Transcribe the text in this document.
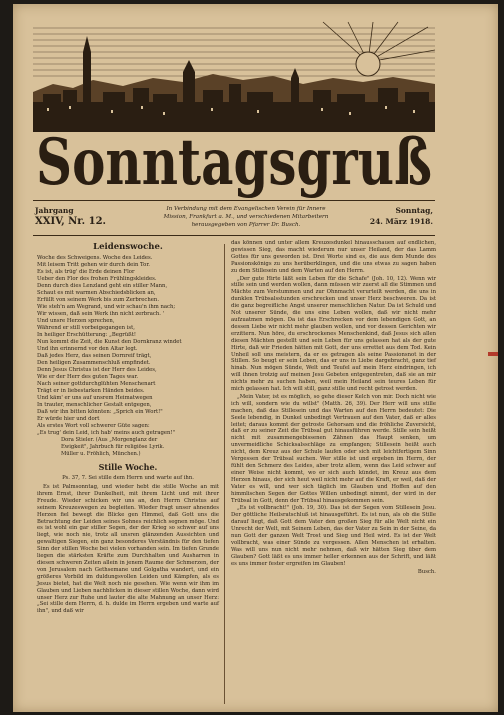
Sonntagsgruß
Jahrgang
XXIV, Nr. 12.
In Verbindung mit dem Evangelischen Verein für Innere
Mission, Frankfurt a. M., und verschiedenen Mitarbeitern
herausgegeben von Pfarrer Dr. Busch.
Sonntag,
24. März 1918.
Leidenswoche.
Woche des Schweigens. Woche des Leides.
Mit leisem Tritt gehen wir durch dein Tor.
Es ist, als trüg' die Erde deinen Flor
Ueber den Flor des frohen Frühlingskleides.
Denn durch dies Lenzland geht ein stiller Mann,
Schaut es mit warmen Abschiedsblicken an,
Erfüllt von seinem Werk bis zum Zerbrechen.
Wie steh'n am Wegrand, und wir schau'n ihm nach;
Wir wissen, daß sein Werk ihn nicht zerbrach. '
Und unsre Herzen sprechen,
Während er still vorbeigegangen ist,
In heiliger Erschütterung: „Begrüßt!
Nun kommt die Zeit, die Kunst den Dornkranz windet
Und ihn erinnernd vor den Altar legt.
Daß jedes Herz, das seinen Dornreif trägt,
Den heiligen Zusammenschluß empfindet.
Denn Jesus Christus ist der Herr des Leides,
Wie er der Herr des guten Tages war.
Nach seiner gottdurchglühten Menschenart
Trägt er in liebestarken Händen beides.
Und käm' er uns auf unsrem Heimatwegen
In trauter, menschlicher Gestalt entgegen,
Daß wir ihn bitten könnten: „Sprich ein Wort!"
Er würde hier und dort
Als erstes Wort voll schwerer Güte sagen:
„Es trug' dein Leid, ich hab' meins auch getragen!"
Dora Stieler. (Aus „Morgenglanz der
Ewigkeit", Jahrbuch für religiöse Lyrik.
Müller u. Fröhlich, München.)
Stille Woche.
Ps. 37, 7. Sei stille dem Herrn und warte auf ihn.

Es ist Palmsonntag, und wieder hebt die stille Woche an mit ihrem Ernst, ihrer Dunkelheit, mit ihrem Licht und mit ihrer Freude. Wieder schicken wir uns an, den Herrn Christus auf seinem Kreuzeswegen zu begleiten. Wieder fragt unser ahnendes Herzen fiel bewegt die Blicke gen Himmel, daß Gott uns die Betrachtung der Leiden seines Sohnes reichlich segnen möge. Und es ist wohl ein gar stiller Segen, der der Krieg so schwer auf uns liegt, wie noch nie, trotz all unsren glänzenden Aussichten und gewaltigen Siegen, ein ganz besonderes Verständnis für den tiefen Sinn der stillen Woche bei vielen vorhanden sein. Im tiefen Grunde liegen die stärksten Kräfte zum Durchhalten und Ausharren in diesen schweren Zeiten allein in jenem Raume der Schmerzen, der von Jerusalem nach Gethsemane und Golgatha wandert, und ein größeres Vorbild im duldungsvollen Leiden und Kämpfen, als es Jesus bietet, hat die Welt noch nie gesehen. Wie wenn wir ihm im Glauben und Lieben nachblicken in dieser stillen Woche, dann wird unser Herz zur Ruhe und lauter die alte Mahnung an unser Herz: „Sei stille dem Herrn, d. h. dulde im Herrn ergeben und warte auf ihn", und daß wir

das können und unter allem Kreuzesdunkel hinausschauen auf endlichen, gewissen Sieg, das macht wiederum nur unser Heiland, der das Lamm Gottes für uns geworden ist. Drei Worte sind es, die aus dem Munde des Passionskönigs zu uns herüberklingen, und die uns etwas zu sagen haben zu dem Stillesein und dem Warten auf den Herrn.

„Der gute Hirte läßt sein Leben für die Schafe" (Joh. 10, 12). Wenn wir stille sein und werden wollen, dann müssen wir zuerst all die Stimmen und Mächte zum Verstummen und zur Ohnmacht verurteilt werden, die uns in dunklen Trübsalsstunden erschrecken und unser Herz beschweren. Da ist die ganz begreifliche Angst unserer menschlichen Natur. Da ist Schuld und Not unserer Sünde, die uns eine Leben wollen, daß wir nicht mehr aufzuatmen mögen. Da ist das Erschrecken vor dem lebendigen Gott, an dessen Liebe wir nicht mehr glauben wollen, und vor dessen Gerichten wir erzittern. Nun höre, du erschrockenes Menschenkind, daß Jesus sich allen diesen Mächten gestellt und sein Leben für uns gelassen hat als der gute Hirte, daß wir Frieden hätten mit Gott, der uns errettet aus dem Tod. Kein Unheil soll uns meistern, da er es getragen als seine Passionsnot in der Stillen. So beugt er sein Leben, das er uns in Liebe dargebracht, ganz tief hinab. Nun mögen Sünde, Welt und Teufel auf mein Herz eindringen, ich will ihnen trotzig auf meinen Jesu Gebeten entgegentreten, daß sie an mir nichts mehr zu suchen haben, weil mein Heiland sein teures Leben für mich gelassen hat. Ich will still, ganz stille und recht getrost werden.

„Mein Vater, ist es möglich, so gehe dieser Kelch von mir. Doch nicht wie ich will, sondern wie du willst" (Matth. 26, 39). Der Herr will uns stille machen, daß das Stillesein und das Warten auf den Herrn bedeutet: Die Seele lebendig, in Dunkel unbedingt Vertrauen auf den Vater, daß er alles leitet; daraus kommt der getroste Gehorsam und die fröhliche Zuversicht, daß er zu seiner Zeit die Trübsal gut hinausführen werde. Stille sein heißt nicht mit zusammengebissenen Zähnen das Haupt senken, um unvermeidliche Schicksalsschläge zu empfangen; Stillesein heißt auch nicht, dem Kreuz aus der Schule laufen oder sich mit leichtfertigem Sinn Vergessen der Trübsal suchen. Wer stille ist und ergeben im Herrn, der fühlt den Schmerz des Leides, aber trotz allem, wenn das Leid schwer auf einer Weise nicht kommt, wo er sich auch kündet, im Kreuz aus dem Herzen hinaus, der sich heut weil nicht mehr auf die Kraft, er weil, daß der Vater es will, und wer sich täglich im Glauben und Hoffen auf den himmlischen Segen der Gottes Willen unbedingt nimmt, der wird in der Trübsal in Gott, denn der Trübsal hinausgekommen sein.

„Es ist vollbracht!" (Joh. 19, 30). Das ist der Segen vom Stillesein Jesu. Der göttliche Heilsratschluß ist hinausgeführt. Es ist nun, als ob die Stille darauf liegt, daß Gott dem Vater den großen Sieg für alle Welt nicht ein Unrecht der Welt, mit Seinem Leben, das der Vater zu Sein in der Seine, da nun Gott der ganzen Welt Trost und Sieg und Heil wird. Es ist der Welt vollbracht, was einer Sünde zu vergessen. Allen Menschen ist erhalten. Was will uns nun nicht mehr nehmen, daß wir hätten Sieg über dem Glauben? Gott läßt es uns immer heller erkennen aus der Schrift, und läßt es uns immer fester ergreifen im Glauben!

Busch.
